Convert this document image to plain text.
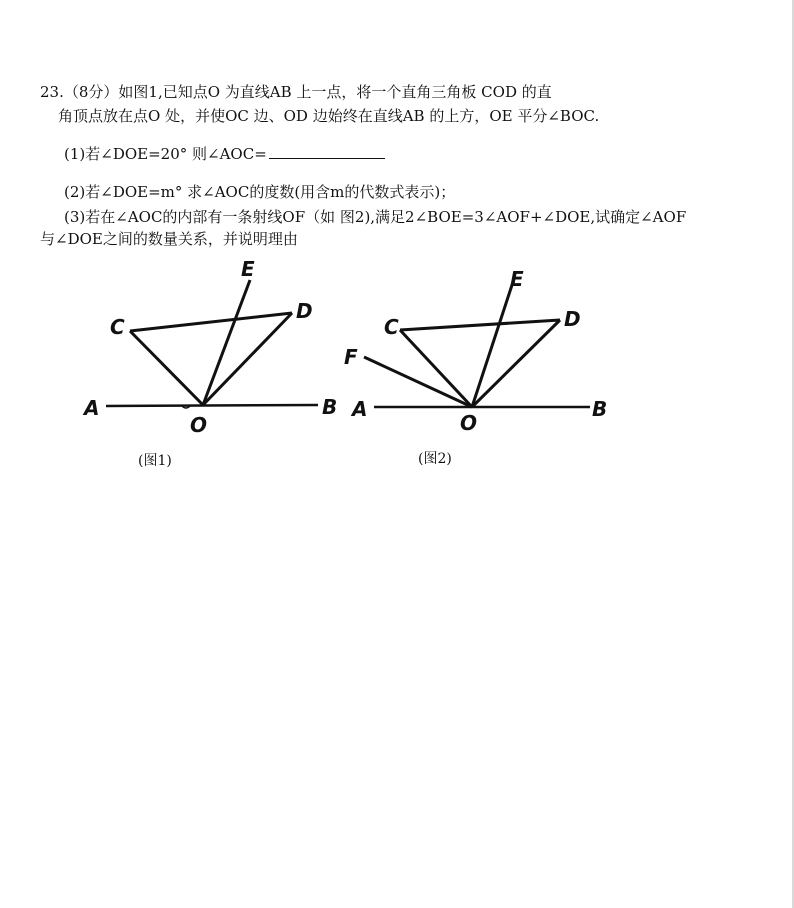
23.（8分）如图1,已知点O 为直线AB 上一点，将一个直角三角板 COD 的直
角顶点放在点O 处，并使OC 边、OD 边始终在直线AB 的上方，OE 平分∠BOC.
(1)若∠DOE=20° 则∠AOC=
(2)若∠DOE=m° 求∠AOC的度数(用含m的代数式表示)；
(3)若在∠AOC的内部有一条射线OF（如 图2),满足2∠BOE=3∠AOF+∠DOE,试确定∠AOF
与∠DOE之间的数量关系，并说明理由
A	B
C
D
E
O
(图1)
A	B
C	D
E
F
O
(图2)
